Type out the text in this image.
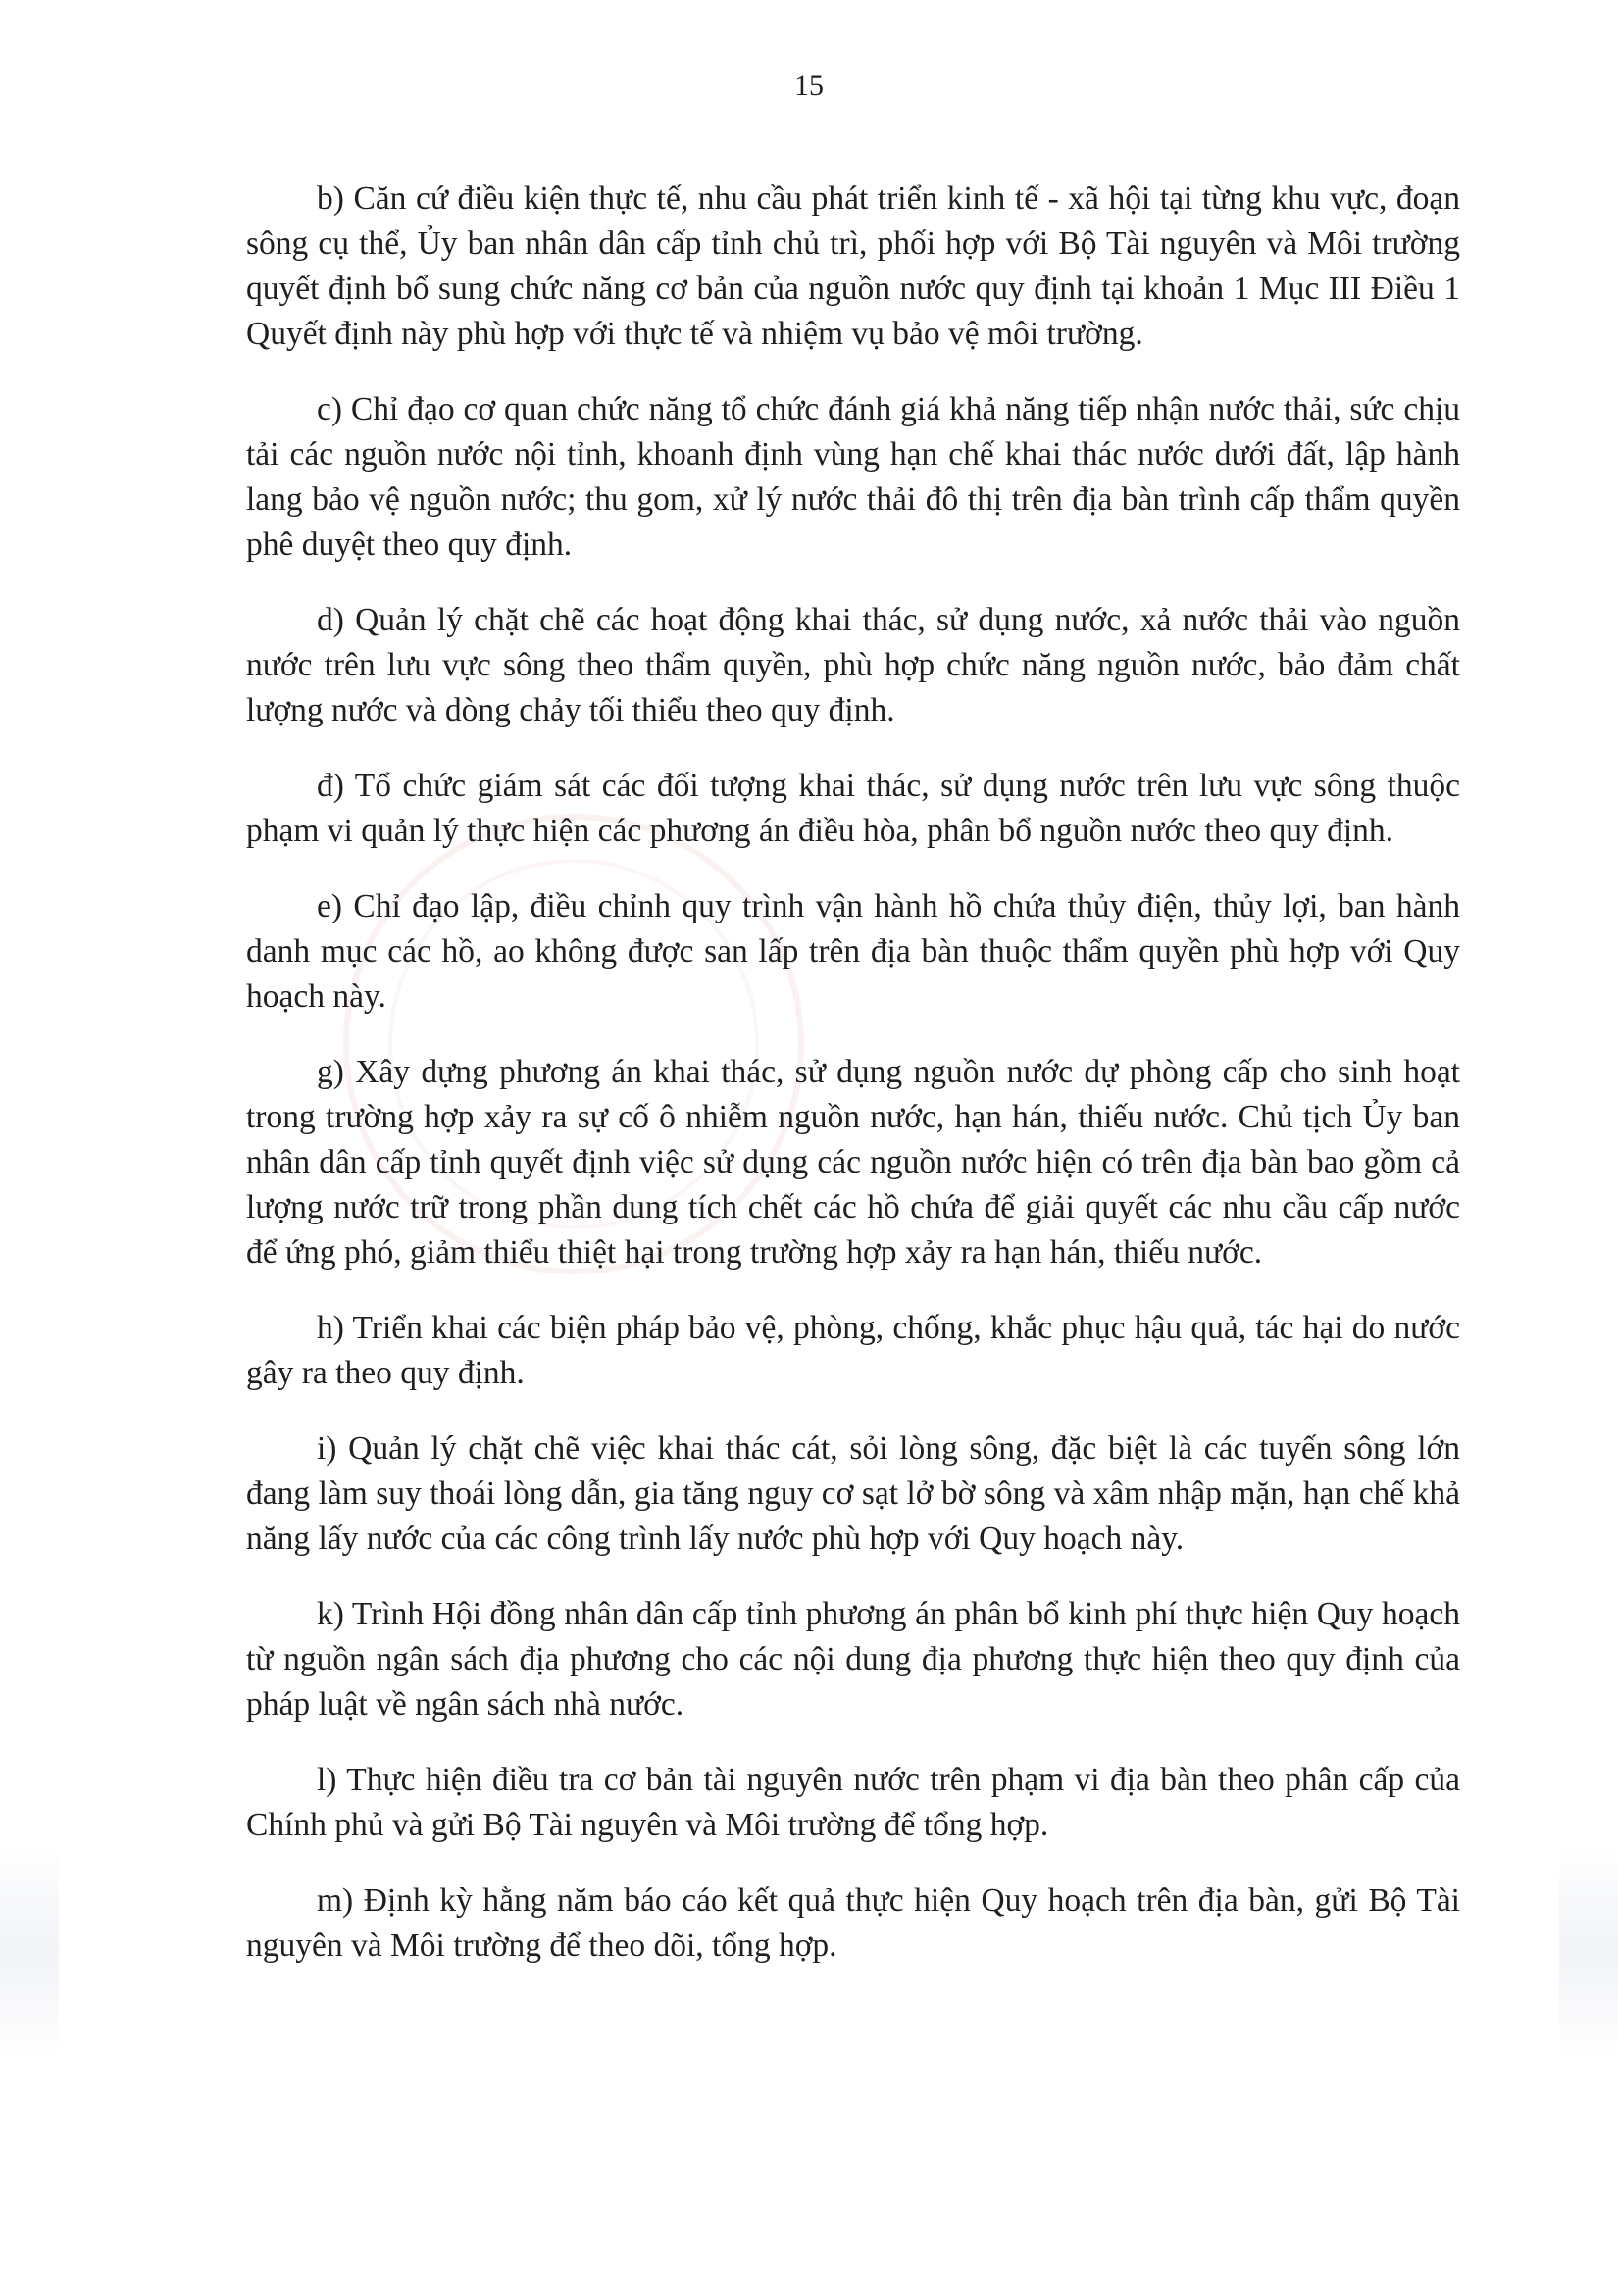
15

b) Căn cứ điều kiện thực tế, nhu cầu phát triển kinh tế - xã hội tại từng khu vực, đoạn sông cụ thể, Ủy ban nhân dân cấp tỉnh chủ trì, phối hợp với Bộ Tài nguyên và Môi trường quyết định bổ sung chức năng cơ bản của nguồn nước quy định tại khoản 1 Mục III Điều 1 Quyết định này phù hợp với thực tế và nhiệm vụ bảo vệ môi trường.

c) Chỉ đạo cơ quan chức năng tổ chức đánh giá khả năng tiếp nhận nước thải, sức chịu tải các nguồn nước nội tỉnh, khoanh định vùng hạn chế khai thác nước dưới đất, lập hành lang bảo vệ nguồn nước; thu gom, xử lý nước thải đô thị trên địa bàn trình cấp thẩm quyền phê duyệt theo quy định.

d) Quản lý chặt chẽ các hoạt động khai thác, sử dụng nước, xả nước thải vào nguồn nước trên lưu vực sông theo thẩm quyền, phù hợp chức năng nguồn nước, bảo đảm chất lượng nước và dòng chảy tối thiểu theo quy định.

đ) Tổ chức giám sát các đối tượng khai thác, sử dụng nước trên lưu vực sông thuộc phạm vi quản lý thực hiện các phương án điều hòa, phân bổ nguồn nước theo quy định.

e) Chỉ đạo lập, điều chỉnh quy trình vận hành hồ chứa thủy điện, thủy lợi, ban hành danh mục các hồ, ao không được san lấp trên địa bàn thuộc thẩm quyền phù hợp với Quy hoạch này.

g) Xây dựng phương án khai thác, sử dụng nguồn nước dự phòng cấp cho sinh hoạt trong trường hợp xảy ra sự cố ô nhiễm nguồn nước, hạn hán, thiếu nước. Chủ tịch Ủy ban nhân dân cấp tỉnh quyết định việc sử dụng các nguồn nước hiện có trên địa bàn bao gồm cả lượng nước trữ trong phần dung tích chết các hồ chứa để giải quyết các nhu cầu cấp nước để ứng phó, giảm thiểu thiệt hại trong trường hợp xảy ra hạn hán, thiếu nước.

h) Triển khai các biện pháp bảo vệ, phòng, chống, khắc phục hậu quả, tác hại do nước gây ra theo quy định.

i) Quản lý chặt chẽ việc khai thác cát, sỏi lòng sông, đặc biệt là các tuyến sông lớn đang làm suy thoái lòng dẫn, gia tăng nguy cơ sạt lở bờ sông và xâm nhập mặn, hạn chế khả năng lấy nước của các công trình lấy nước phù hợp với Quy hoạch này.

k) Trình Hội đồng nhân dân cấp tỉnh phương án phân bổ kinh phí thực hiện Quy hoạch từ nguồn ngân sách địa phương cho các nội dung địa phương thực hiện theo quy định của pháp luật về ngân sách nhà nước.

l) Thực hiện điều tra cơ bản tài nguyên nước trên phạm vi địa bàn theo phân cấp của Chính phủ và gửi Bộ Tài nguyên và Môi trường để tổng hợp.

m) Định kỳ hằng năm báo cáo kết quả thực hiện Quy hoạch trên địa bàn, gửi Bộ Tài nguyên và Môi trường để theo dõi, tổng hợp.
